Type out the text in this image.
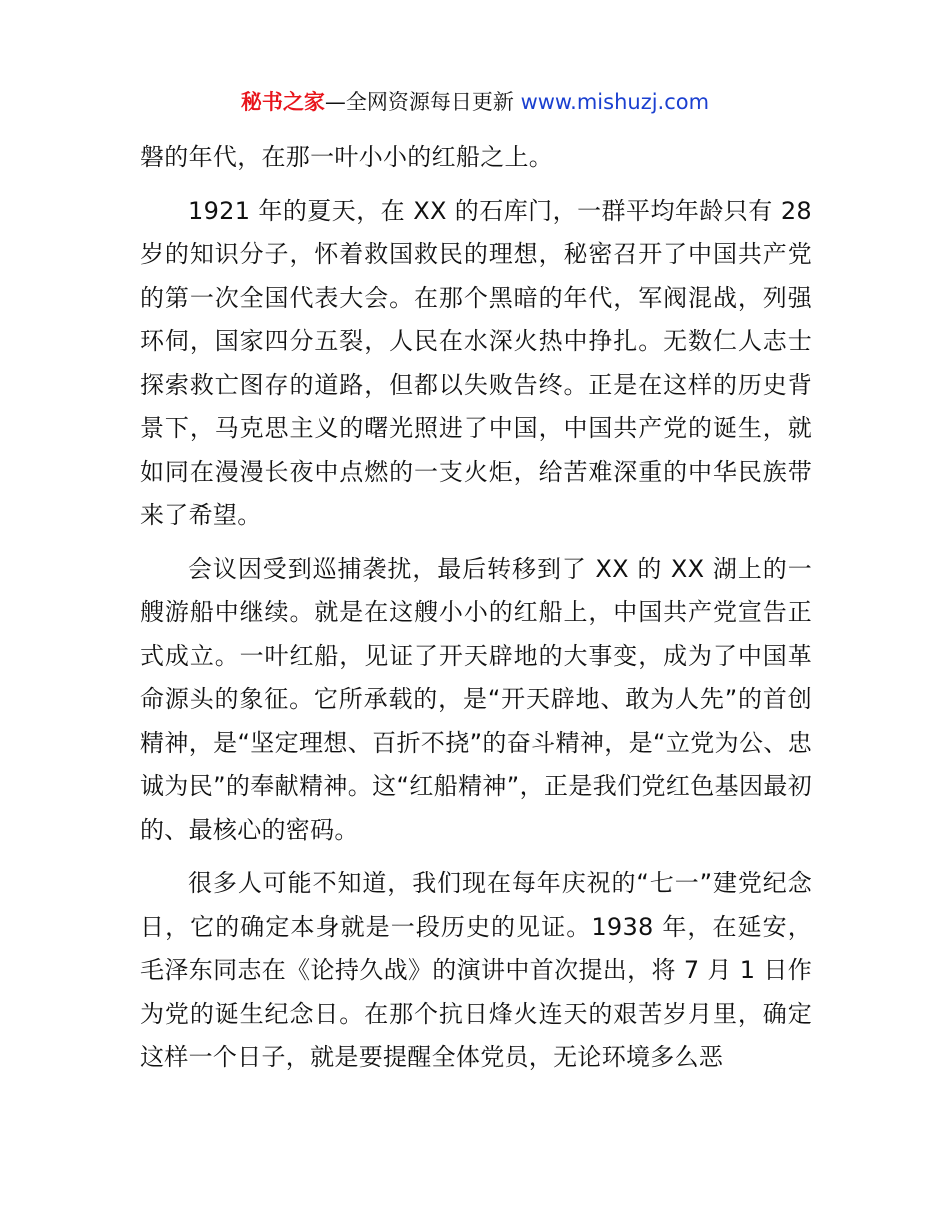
秘书之家—全网资源每日更新 www.mishuzj.com

磐的年代，在那一叶小小的红船之上。

1921 年的夏天，在 XX 的石库门，一群平均年龄只有 28 岁的知识分子，怀着救国救民的理想，秘密召开了中国共产党的第一次全国代表大会。在那个黑暗的年代，军阀混战，列强环伺，国家四分五裂，人民在水深火热中挣扎。无数仁人志士探索救亡图存的道路，但都以失败告终。正是在这样的历史背景下，马克思主义的曙光照进了中国，中国共产党的诞生，就如同在漫漫长夜中点燃的一支火炬，给苦难深重的中华民族带来了希望。

会议因受到巡捕袭扰，最后转移到了 XX 的 XX 湖上的一艘游船中继续。就是在这艘小小的红船上，中国共产党宣告正式成立。一叶红船，见证了开天辟地的大事变，成为了中国革命源头的象征。它所承载的，是“开天辟地、敢为人先”的首创精神，是“坚定理想、百折不挠”的奋斗精神，是“立党为公、忠诚为民”的奉献精神。这“红船精神”，正是我们党红色基因最初的、最核心的密码。

很多人可能不知道，我们现在每年庆祝的“七一”建党纪念日，它的确定本身就是一段历史的见证。1938 年，在延安，毛泽东同志在《论持久战》的演讲中首次提出，将 7 月 1 日作为党的诞生纪念日。在那个抗日烽火连天的艰苦岁月里，确定这样一个日子，就是要提醒全体党员，无论环境多么恶
